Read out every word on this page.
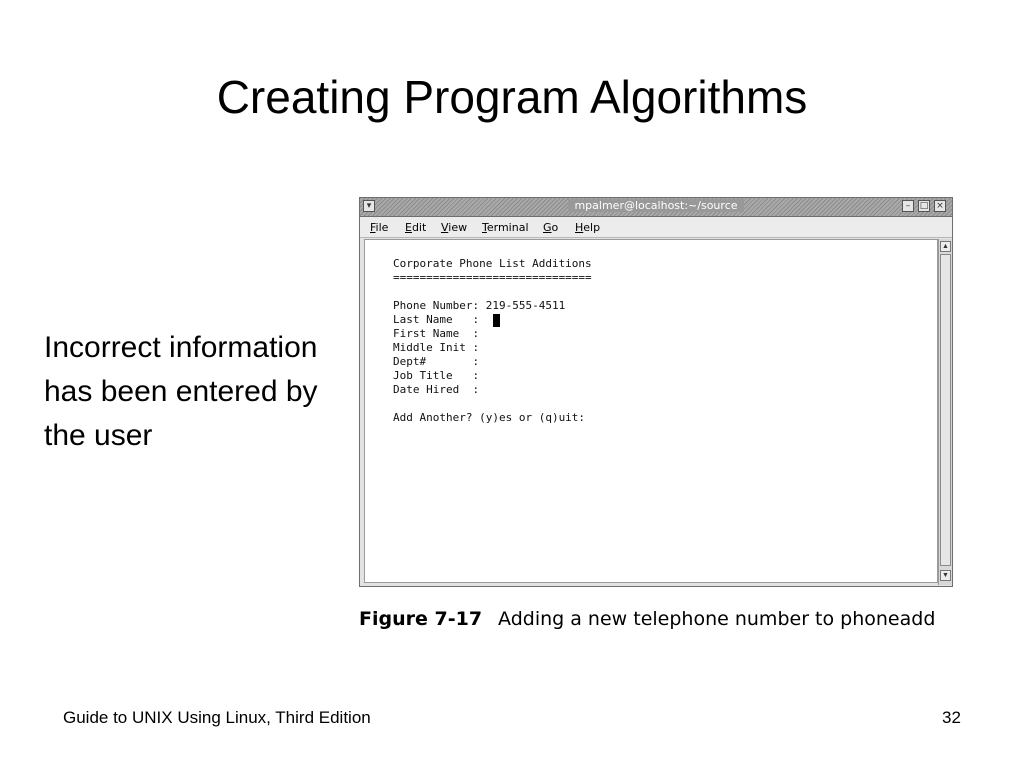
Creating Program Algorithms
Incorrect information has been entered by the user
▾	mpalmer@localhost:~/source	–	□ ×
File Edit View Terminal Go Help
Corporate Phone List Additions
==============================
Phone Number: 219-555-4511
Last Name   :
First Name  :
Middle Init :
Dept#       :
Job Title   :
Date Hired  :
Add Another? (y)es or (q)uit:
▲
▼
Figure 7-17 Adding a new telephone number to phoneadd
Guide to UNIX Using Linux, Third Edition	32
